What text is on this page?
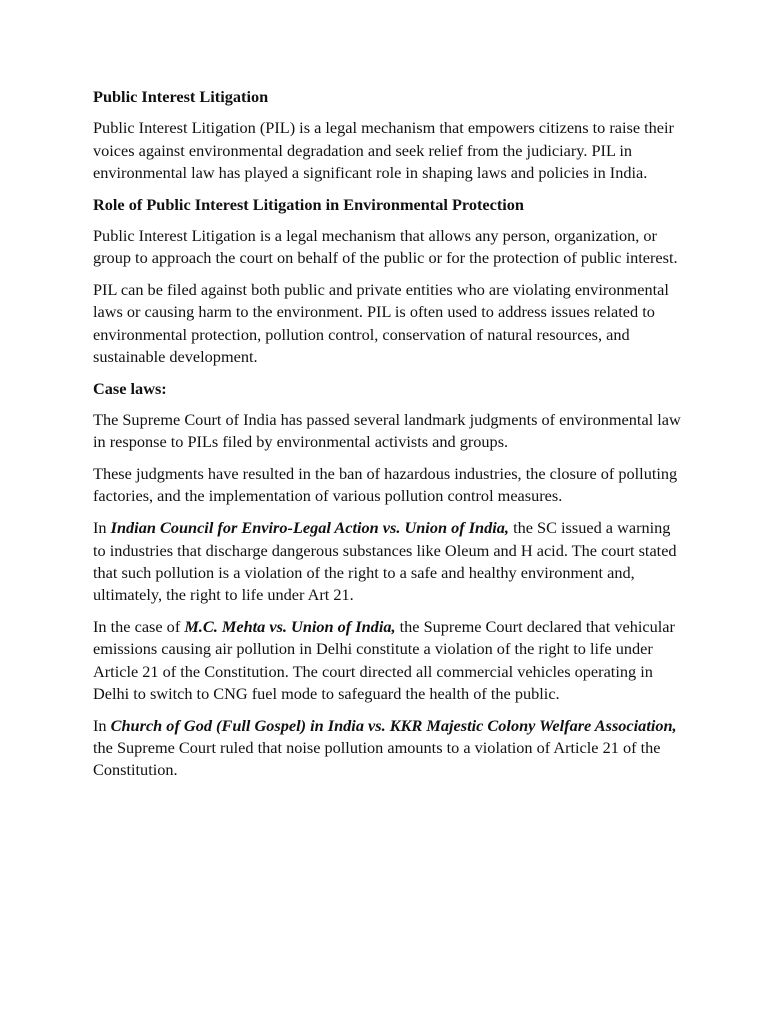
Public Interest Litigation
Public Interest Litigation (PIL) is a legal mechanism that empowers citizens to raise their voices against environmental degradation and seek relief from the judiciary. PIL in environmental law has played a significant role in shaping laws and policies in India.
Role of Public Interest Litigation in Environmental Protection
Public Interest Litigation is a legal mechanism that allows any person, organization, or group to approach the court on behalf of the public or for the protection of public interest.
PIL can be filed against both public and private entities who are violating environmental laws or causing harm to the environment. PIL is often used to address issues related to environmental protection, pollution control, conservation of natural resources, and sustainable development.
Case laws:
The Supreme Court of India has passed several landmark judgments of environmental law in response to PILs filed by environmental activists and groups.
These judgments have resulted in the ban of hazardous industries, the closure of polluting factories, and the implementation of various pollution control measures.
In Indian Council for Enviro-Legal Action vs. Union of India, the SC issued a warning to industries that discharge dangerous substances like Oleum and H acid. The court stated that such pollution is a violation of the right to a safe and healthy environment and, ultimately, the right to life under Art 21.
In the case of M.C. Mehta vs. Union of India, the Supreme Court declared that vehicular emissions causing air pollution in Delhi constitute a violation of the right to life under Article 21 of the Constitution. The court directed all commercial vehicles operating in Delhi to switch to CNG fuel mode to safeguard the health of the public.
In Church of God (Full Gospel) in India vs. KKR Majestic Colony Welfare Association, the Supreme Court ruled that noise pollution amounts to a violation of Article 21 of the Constitution.
